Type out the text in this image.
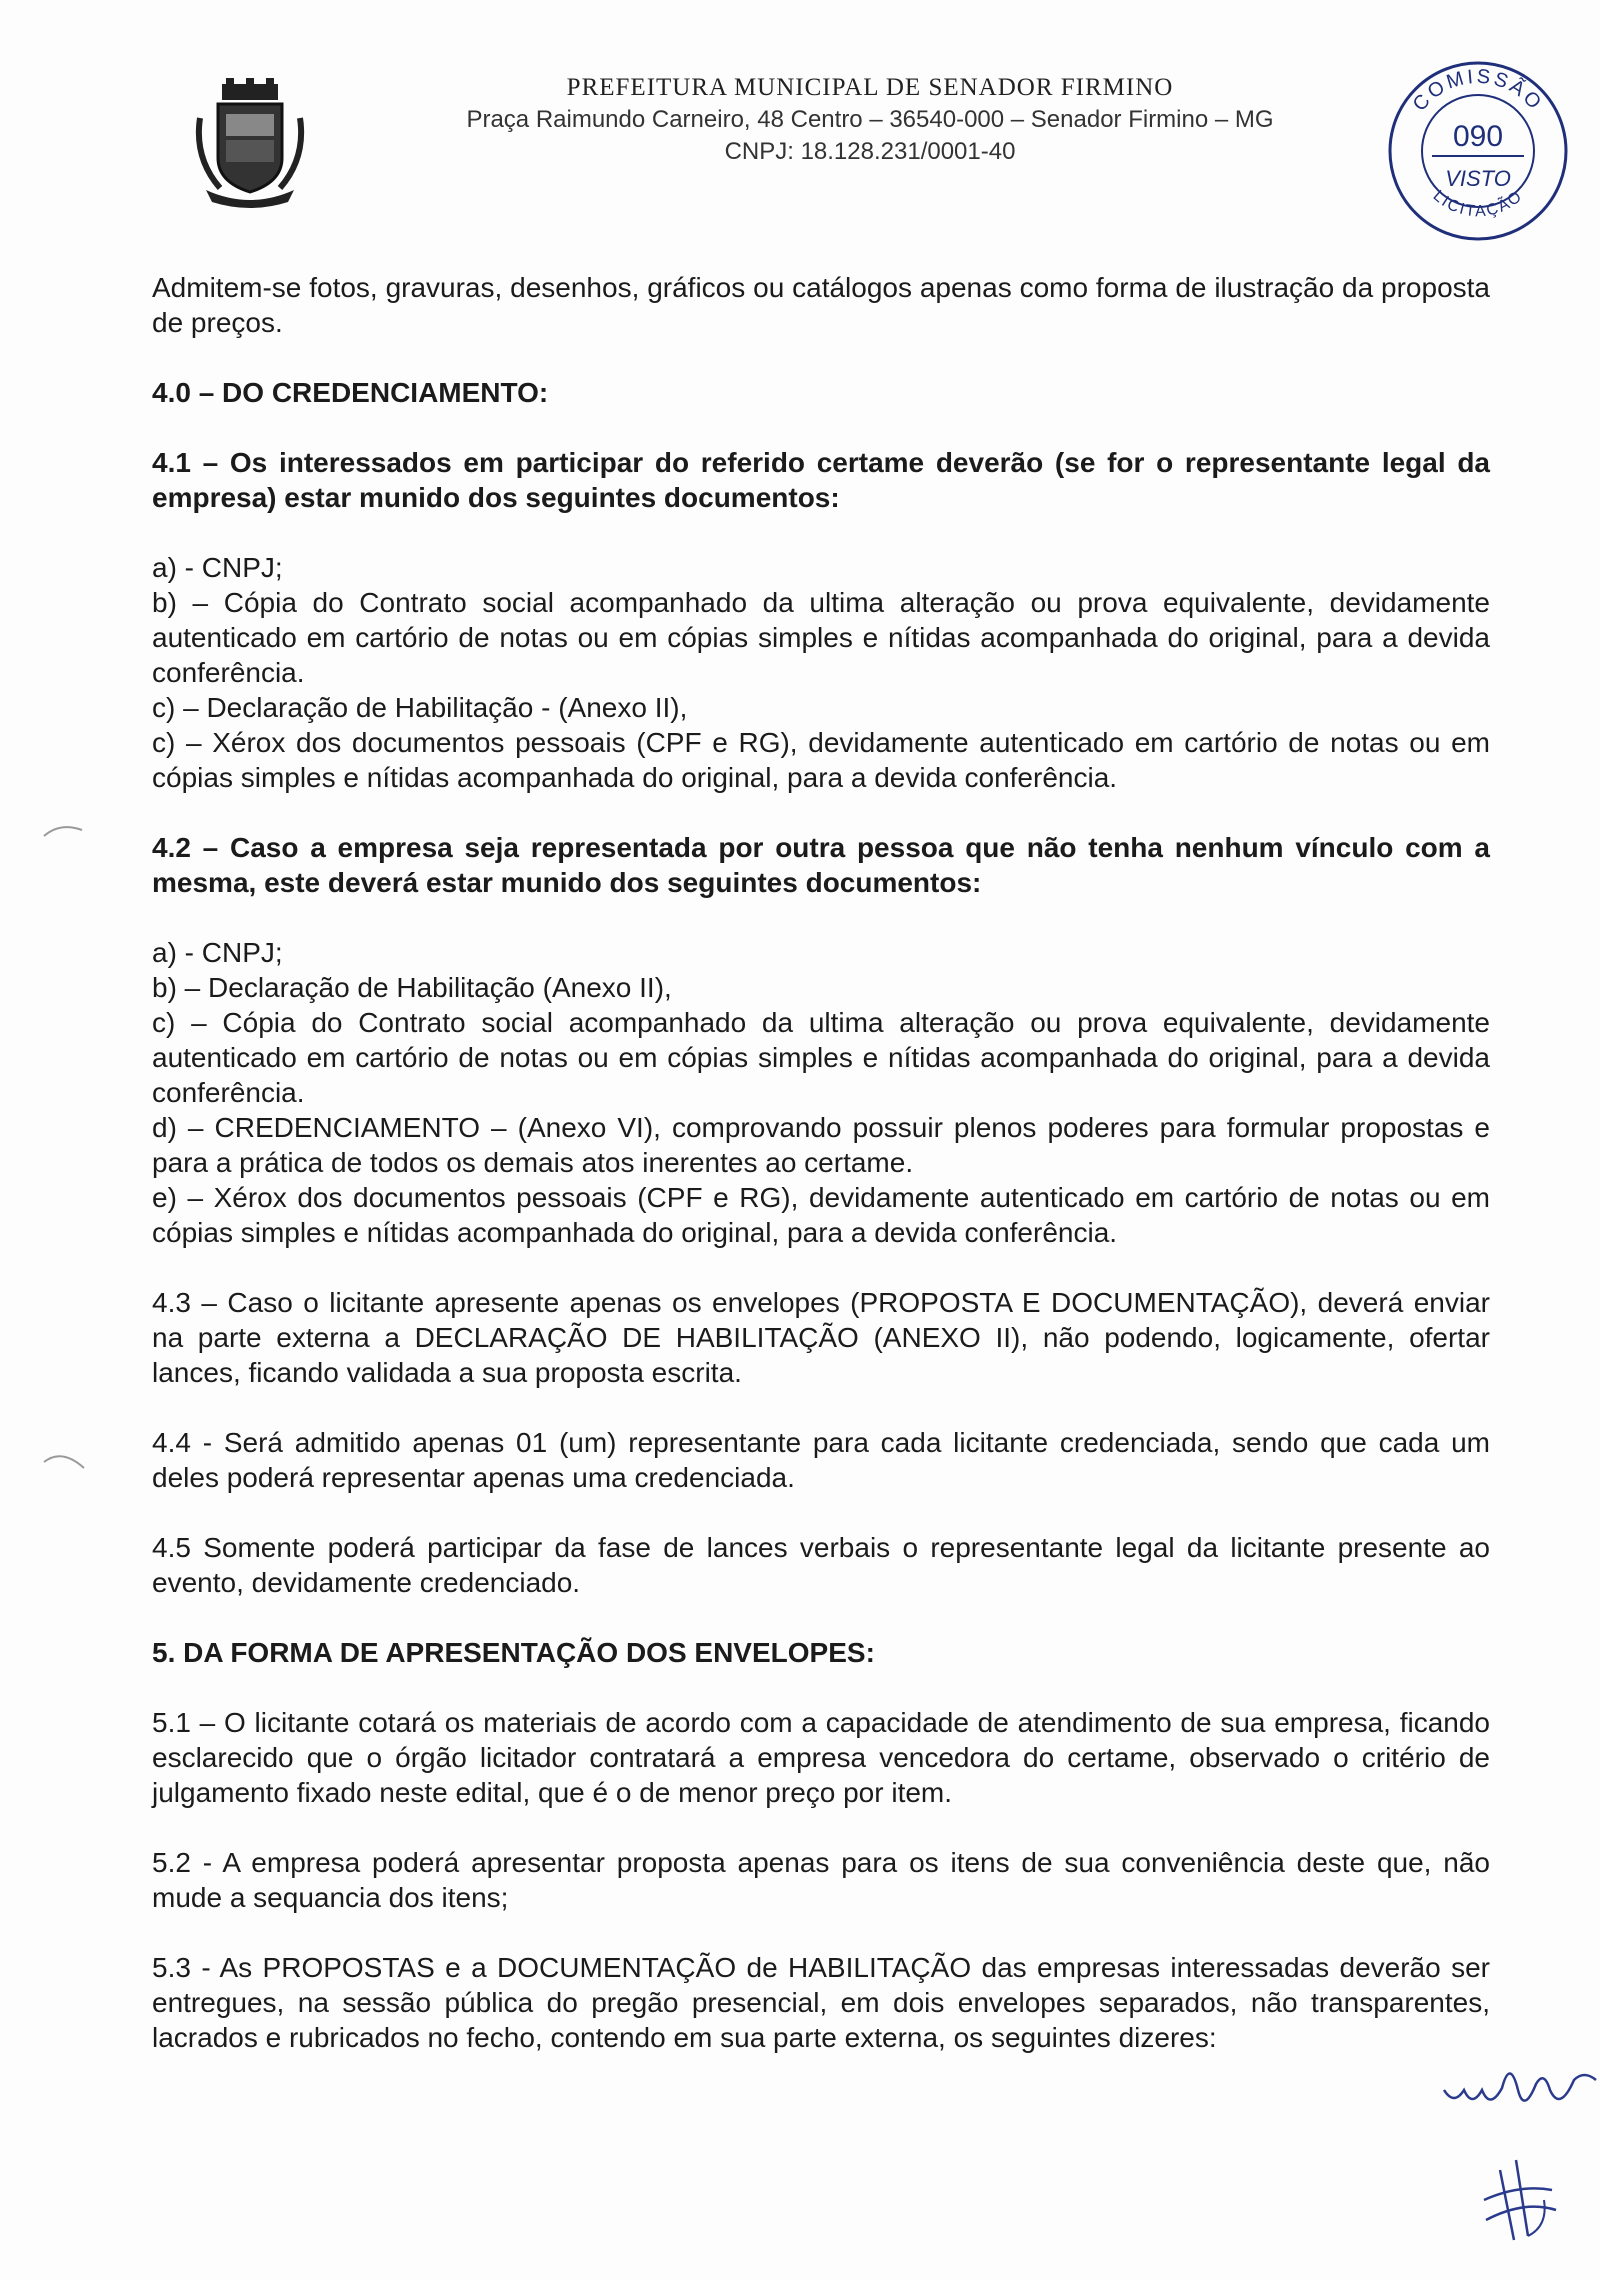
PREFEITURA MUNICIPAL DE SENADOR FIRMINO
Praça Raimundo Carneiro, 48 Centro – 36540-000 – Senador Firmino – MG
CNPJ: 18.128.231/0001-40
COMISSÃO
090
VISTO
LICITAÇÃO

Admitem-se fotos, gravuras, desenhos, gráficos ou catálogos apenas como forma de ilustração da proposta de preços.

4.0 – DO CREDENCIAMENTO:

4.1 – Os interessados em participar do referido certame deverão (se for o representante legal da empresa) estar munido dos seguintes documentos:

a) - CNPJ;

b) – Cópia do Contrato social acompanhado da ultima alteração ou prova equivalente, devidamente autenticado em cartório de notas ou em cópias simples e nítidas acompanhada do original, para a devida conferência.

c) – Declaração de Habilitação - (Anexo II),

c) – Xérox dos documentos pessoais (CPF e RG), devidamente autenticado em cartório de notas ou em cópias simples e nítidas acompanhada do original, para a devida conferência.

4.2 – Caso a empresa seja representada por outra pessoa que não tenha nenhum vínculo com a mesma, este deverá estar munido dos seguintes documentos:

a) - CNPJ;

b) – Declaração de Habilitação (Anexo II),

c) – Cópia do Contrato social acompanhado da ultima alteração ou prova equivalente, devidamente autenticado em cartório de notas ou em cópias simples e nítidas acompanhada do original, para a devida conferência.

d) – CREDENCIAMENTO – (Anexo VI), comprovando possuir plenos poderes para formular propostas e para a prática de todos os demais atos inerentes ao certame.

e) – Xérox dos documentos pessoais (CPF e RG), devidamente autenticado em cartório de notas ou em cópias simples e nítidas acompanhada do original, para a devida conferência.

4.3 – Caso o licitante apresente apenas os envelopes (PROPOSTA E DOCUMENTAÇÃO), deverá enviar na parte externa a DECLARAÇÃO DE HABILITAÇÃO (ANEXO II), não podendo, logicamente, ofertar lances, ficando validada a sua proposta escrita.

4.4 - Será admitido apenas 01 (um) representante para cada licitante credenciada, sendo que cada um deles poderá representar apenas uma credenciada.

4.5 Somente poderá participar da fase de lances verbais o representante legal da licitante presente ao evento, devidamente credenciado.

5. DA FORMA DE APRESENTAÇÃO DOS ENVELOPES:

5.1 – O licitante cotará os materiais de acordo com a capacidade de atendimento de sua empresa, ficando esclarecido que o órgão licitador contratará a empresa vencedora do certame, observado o critério de julgamento fixado neste edital, que é o de menor preço por item.

5.2 - A empresa poderá apresentar proposta apenas para os itens de sua conveniência deste que, não mude a sequancia dos itens;

5.3 - As PROPOSTAS e a DOCUMENTAÇÃO de HABILITAÇÃO das empresas interessadas deverão ser entregues, na sessão pública do pregão presencial, em dois envelopes separados, não transparentes, lacrados e rubricados no fecho, contendo em sua parte externa, os seguintes dizeres:
